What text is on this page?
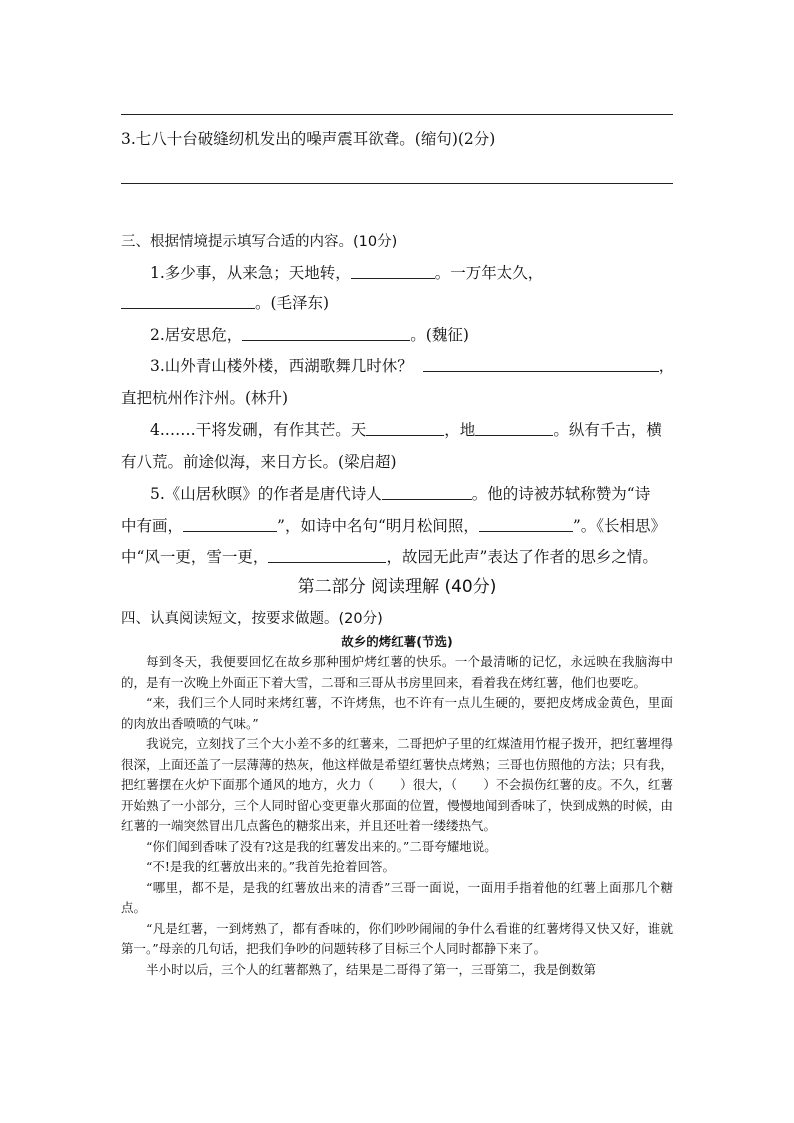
3.七八十台破缝纫机发出的噪声震耳欲聋。(缩句)(2分)
三、根据情境提示填写合适的内容。(10分)
1.多少事，从来急；天地转，	。一万年太久，
。(毛泽东)
2.居安思危，	。(魏征)
3.山外青山楼外楼，西湖歌舞几时休？	，
直把杭州作汴州。(林升)
4.……干将发硎，有作其芒。天	，地	。纵有千古，横
有八荒。前途似海，来日方长。(梁启超)
5.《山居秋暝》的作者是唐代诗人	。他的诗被苏轼称赞为“诗
中有画，	”，如诗中名句“明月松间照，	”。《长相思》
中“风一更，雪一更，	，故园无此声”表达了作者的思乡之情。
第二部分 阅读理解 (40分)
四、认真阅读短文，按要求做题。(20分)
故乡的烤红薯(节选)

每到冬天，我便要回忆在故乡那种围炉烤红薯的快乐。一个最清晰的记忆，永远映在我脑海中的，是有一次晚上外面正下着大雪，二哥和三哥从书房里回来，看着我在烤红薯，他们也要吃。

“来，我们三个人同时来烤红薯，不许烤焦，也不许有一点儿生硬的，要把皮烤成金黄色，里面的肉放出香喷喷的气味。”

我说完，立刻找了三个大小差不多的红薯来，二哥把炉子里的红煤渣用竹棍子拨开，把红薯埋得很深，上面还盖了一层薄薄的热灰，他这样做是希望红薯快点烤熟；三哥也仿照他的方法；只有我，把红薯摆在火炉下面那个通风的地方，火力（ ）很大，（ ）不会损伤红薯的皮。不久，红薯开始熟了一小部分，三个人同时留心变更靠火那面的位置，慢慢地闻到香味了，快到成熟的时候，由红薯的一端突然冒出几点酱色的糖浆出来，并且还吐着一缕缕热气。

“你们闻到香味了没有?这是我的红薯发出来的。”二哥夸耀地说。

“不!是我的红薯放出来的。”我首先抢着回答。

“哪里，都不是，是我的红薯放出来的清香”三哥一面说，一面用手指着他的红薯上面那几个糖点。

“凡是红薯，一到烤熟了，都有香味的，你们吵吵闹闹的争什么看谁的红薯烤得又快又好，谁就第一。”母亲的几句话，把我们争吵的问题转移了目标三个人同时都静下来了。

半小时以后，三个人的红薯都熟了，结果是二哥得了第一，三哥第二，我是倒数第
